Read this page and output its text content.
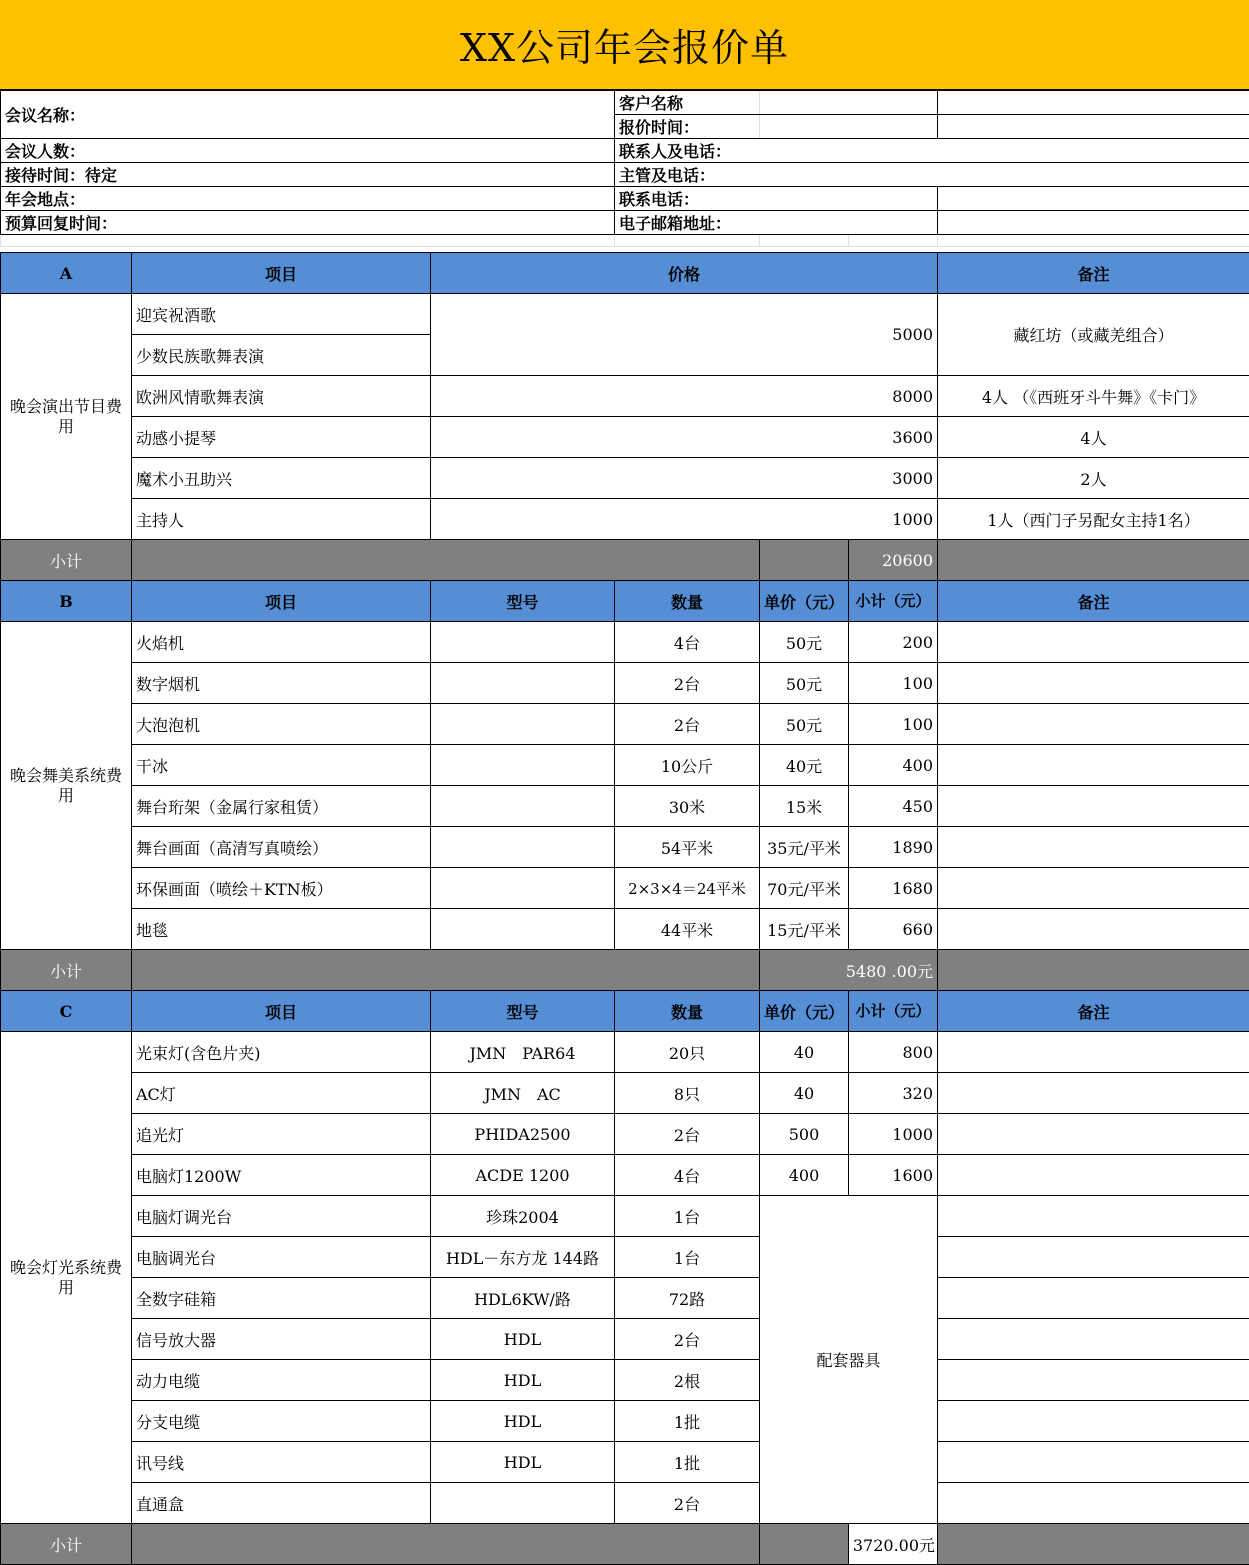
XX公司年会报价单
会议名称：	客户名称			
	报价时间：			
会议人数：	联系人及电话：			
接待时间：待定	主管及电话：			
年会地点：	联系电话：			
预算回复时间：	电子邮箱地址：			

A	项目	价格				备注
晚会演出节目费用	迎宾祝酒歌	5000				藏红坊（或藏羌组合）
	少数民族歌舞表演					
	欧洲风情歌舞表演	8000				4人 （《西班牙斗牛舞》《卡门》
	动感小提琴	3600				4人
	魔术小丑助兴	3000				2人
	主持人	1000				1人（西门子另配女主持1名）
小计					20600	
B	项目	型号	数量	单价（元）	小计（元）	备注
晚会舞美系统费用	火焰机		4台	50元	200	
	数字烟机		2台	50元	100	
	大泡泡机		2台	50元	100	
	干冰		10公斤	40元	400	
	舞台珩架（金属行家租赁）		30米	15米	450	
	舞台画面（高清写真喷绘）		54平米	35元/平米	1890	
	环保画面（喷绘＋KTN板）		2×3×4＝24平米	70元/平米	1680	
	地毯		44平米	15元/平米	660	
小计				5480 .00元		
C	项目	型号	数量	单价（元）	小计（元）	备注
晚会灯光系统费用	光束灯(含色片夹)	JMN　PAR64	20只	40	800	
	AC灯	JMN　AC	8只	40	320	
	追光灯	PHIDA2500	2台	500	1000	
	电脑灯1200W	ACDE 1200	4台	400	1600	
	电脑灯调光台	珍珠2004	1台	配套器具		
	电脑调光台	HDL－东方龙 144路	1台			
	全数字硅箱	HDL6KW/路	72路			
	信号放大器	HDL	2台			
	动力电缆	HDL	2根			
	分支电缆	HDL	1批			
	讯号线	HDL	1批			
	直通盒		2台			
小计					3720.00元	
